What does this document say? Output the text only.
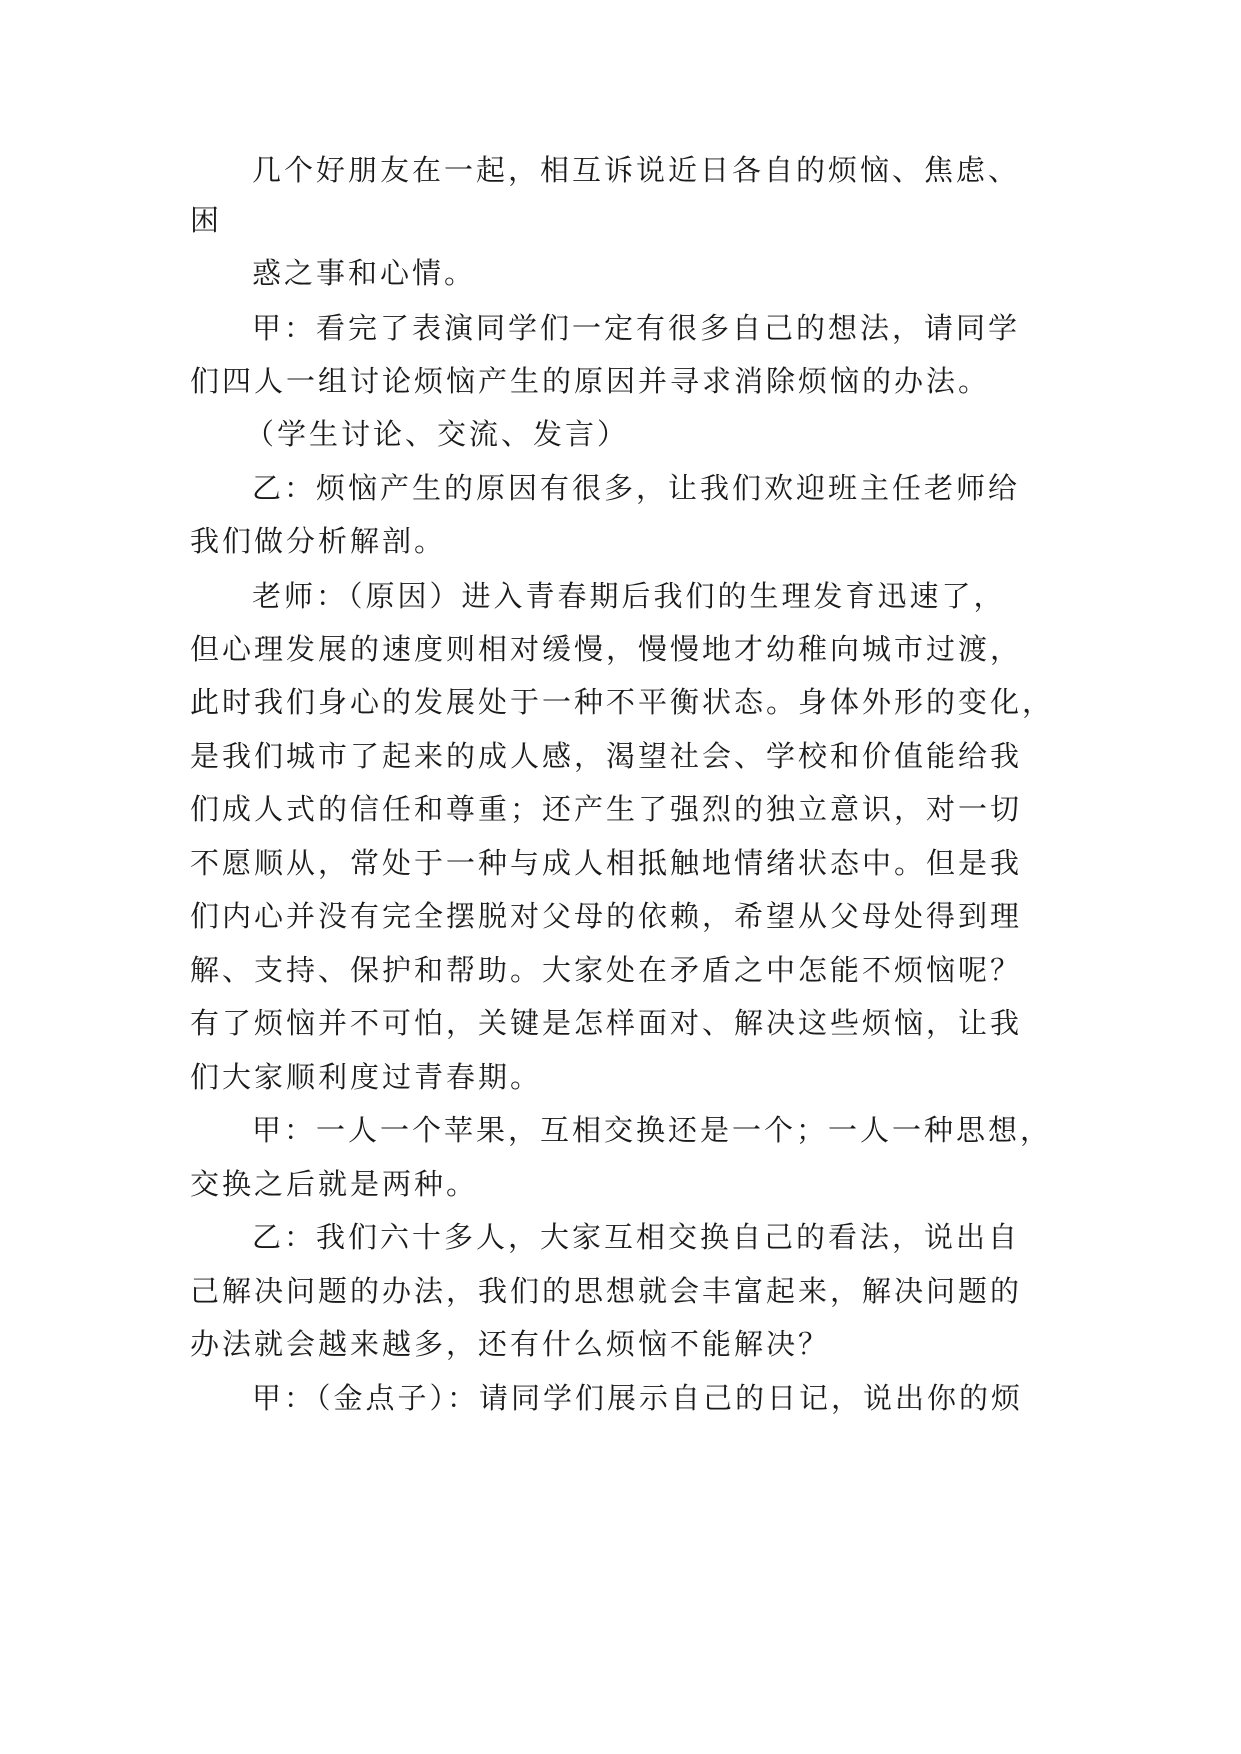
几个好朋友在一起，相互诉说近日各自的烦恼、焦虑、
困
惑之事和心情。
甲：看完了表演同学们一定有很多自己的想法，请同学
们四人一组讨论烦恼产生的原因并寻求消除烦恼的办法。
（学生讨论、交流、发言）
乙：烦恼产生的原因有很多，让我们欢迎班主任老师给
我们做分析解剖。
老师：（原因）进入青春期后我们的生理发育迅速了，
但心理发展的速度则相对缓慢，慢慢地才幼稚向城市过渡，
此时我们身心的发展处于一种不平衡状态。身体外形的变化，
是我们城市了起来的成人感，渴望社会、学校和价值能给我
们成人式的信任和尊重；还产生了强烈的独立意识，对一切
不愿顺从，常处于一种与成人相抵触地情绪状态中。但是我
们内心并没有完全摆脱对父母的依赖，希望从父母处得到理
解、支持、保护和帮助。大家处在矛盾之中怎能不烦恼呢？
有了烦恼并不可怕，关键是怎样面对、解决这些烦恼，让我
们大家顺利度过青春期。
甲：一人一个苹果，互相交换还是一个；一人一种思想，
交换之后就是两种。
乙：我们六十多人，大家互相交换自己的看法，说出自
己解决问题的办法，我们的思想就会丰富起来，解决问题的
办法就会越来越多，还有什么烦恼不能解决？
甲：（金点子）：请同学们展示自己的日记，说出你的烦
